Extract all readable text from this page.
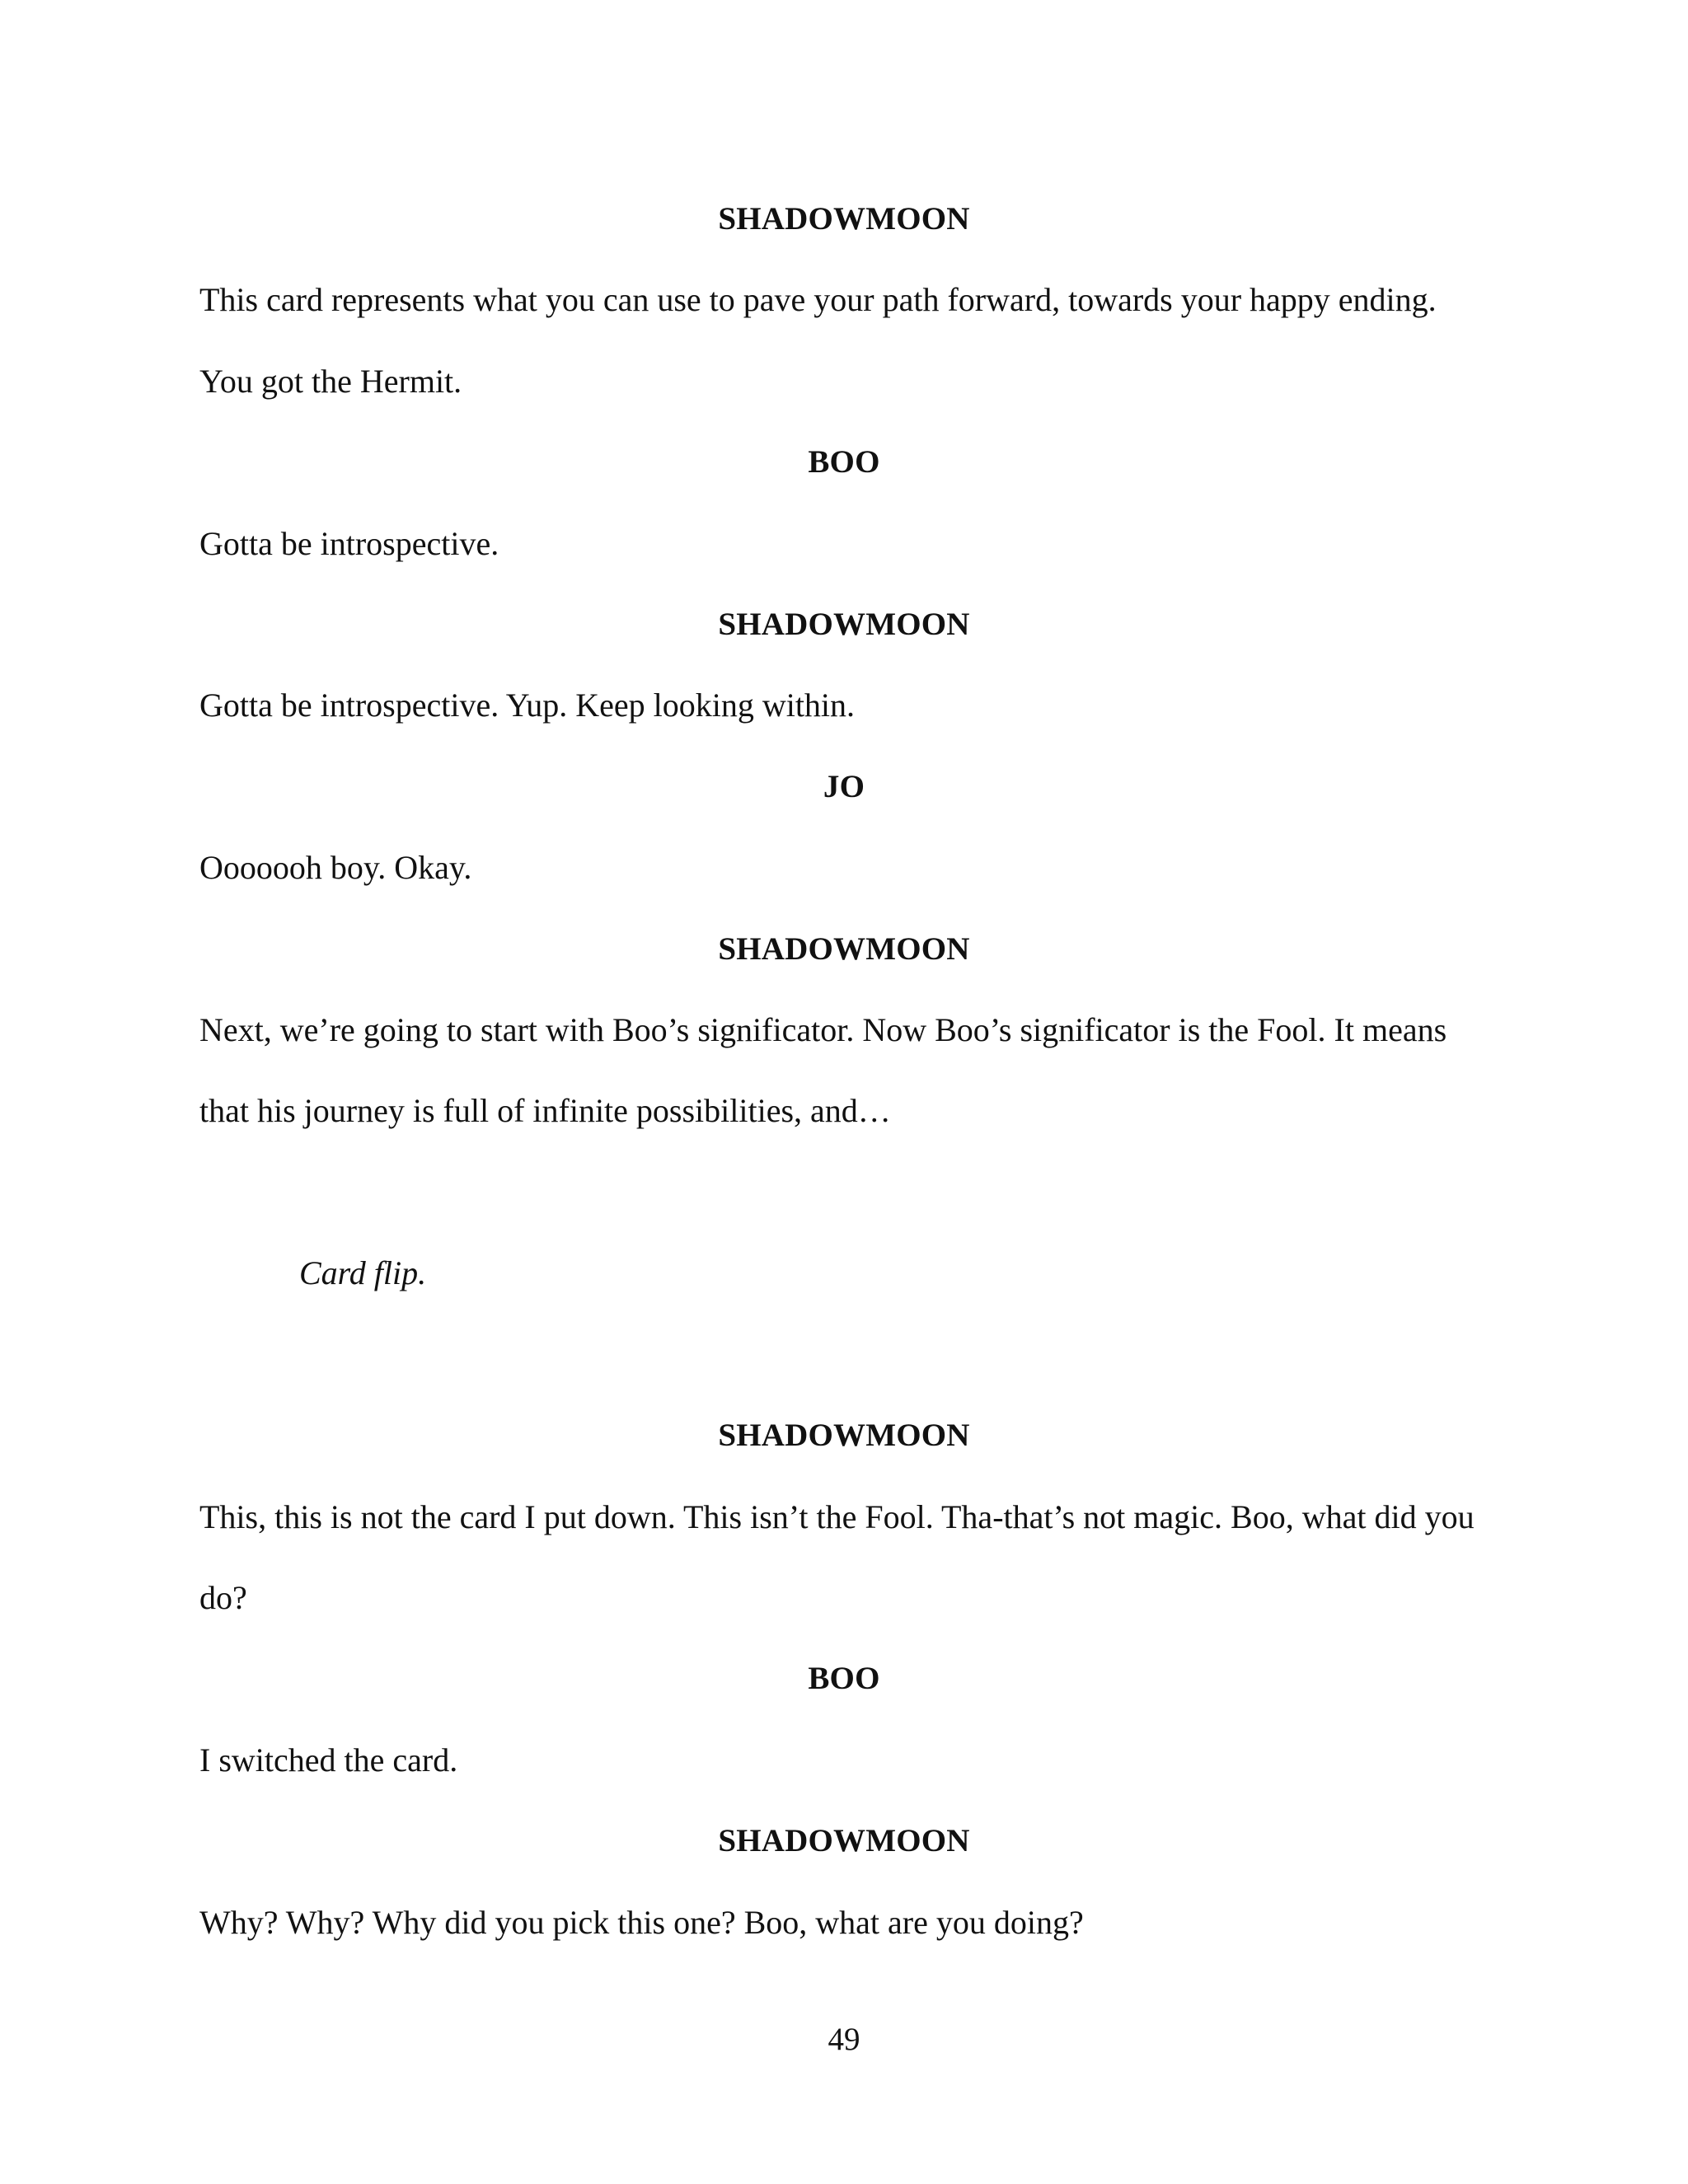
SHADOWMOON

This card represents what you can use to pave your path forward, towards your happy ending.

You got the Hermit.

BOO

Gotta be introspective.

SHADOWMOON

Gotta be introspective. Yup. Keep looking within.

JO

Ooooooh boy. Okay.

SHADOWMOON

Next, we’re going to start with Boo’s significator. Now Boo’s significator is the Fool. It means

that his journey is full of infinite possibilities, and…

Card flip.

SHADOWMOON

This, this is not the card I put down. This isn’t the Fool. Tha-that’s not magic. Boo, what did you

do?

BOO

I switched the card.

SHADOWMOON

Why? Why? Why did you pick this one? Boo, what are you doing?

49
